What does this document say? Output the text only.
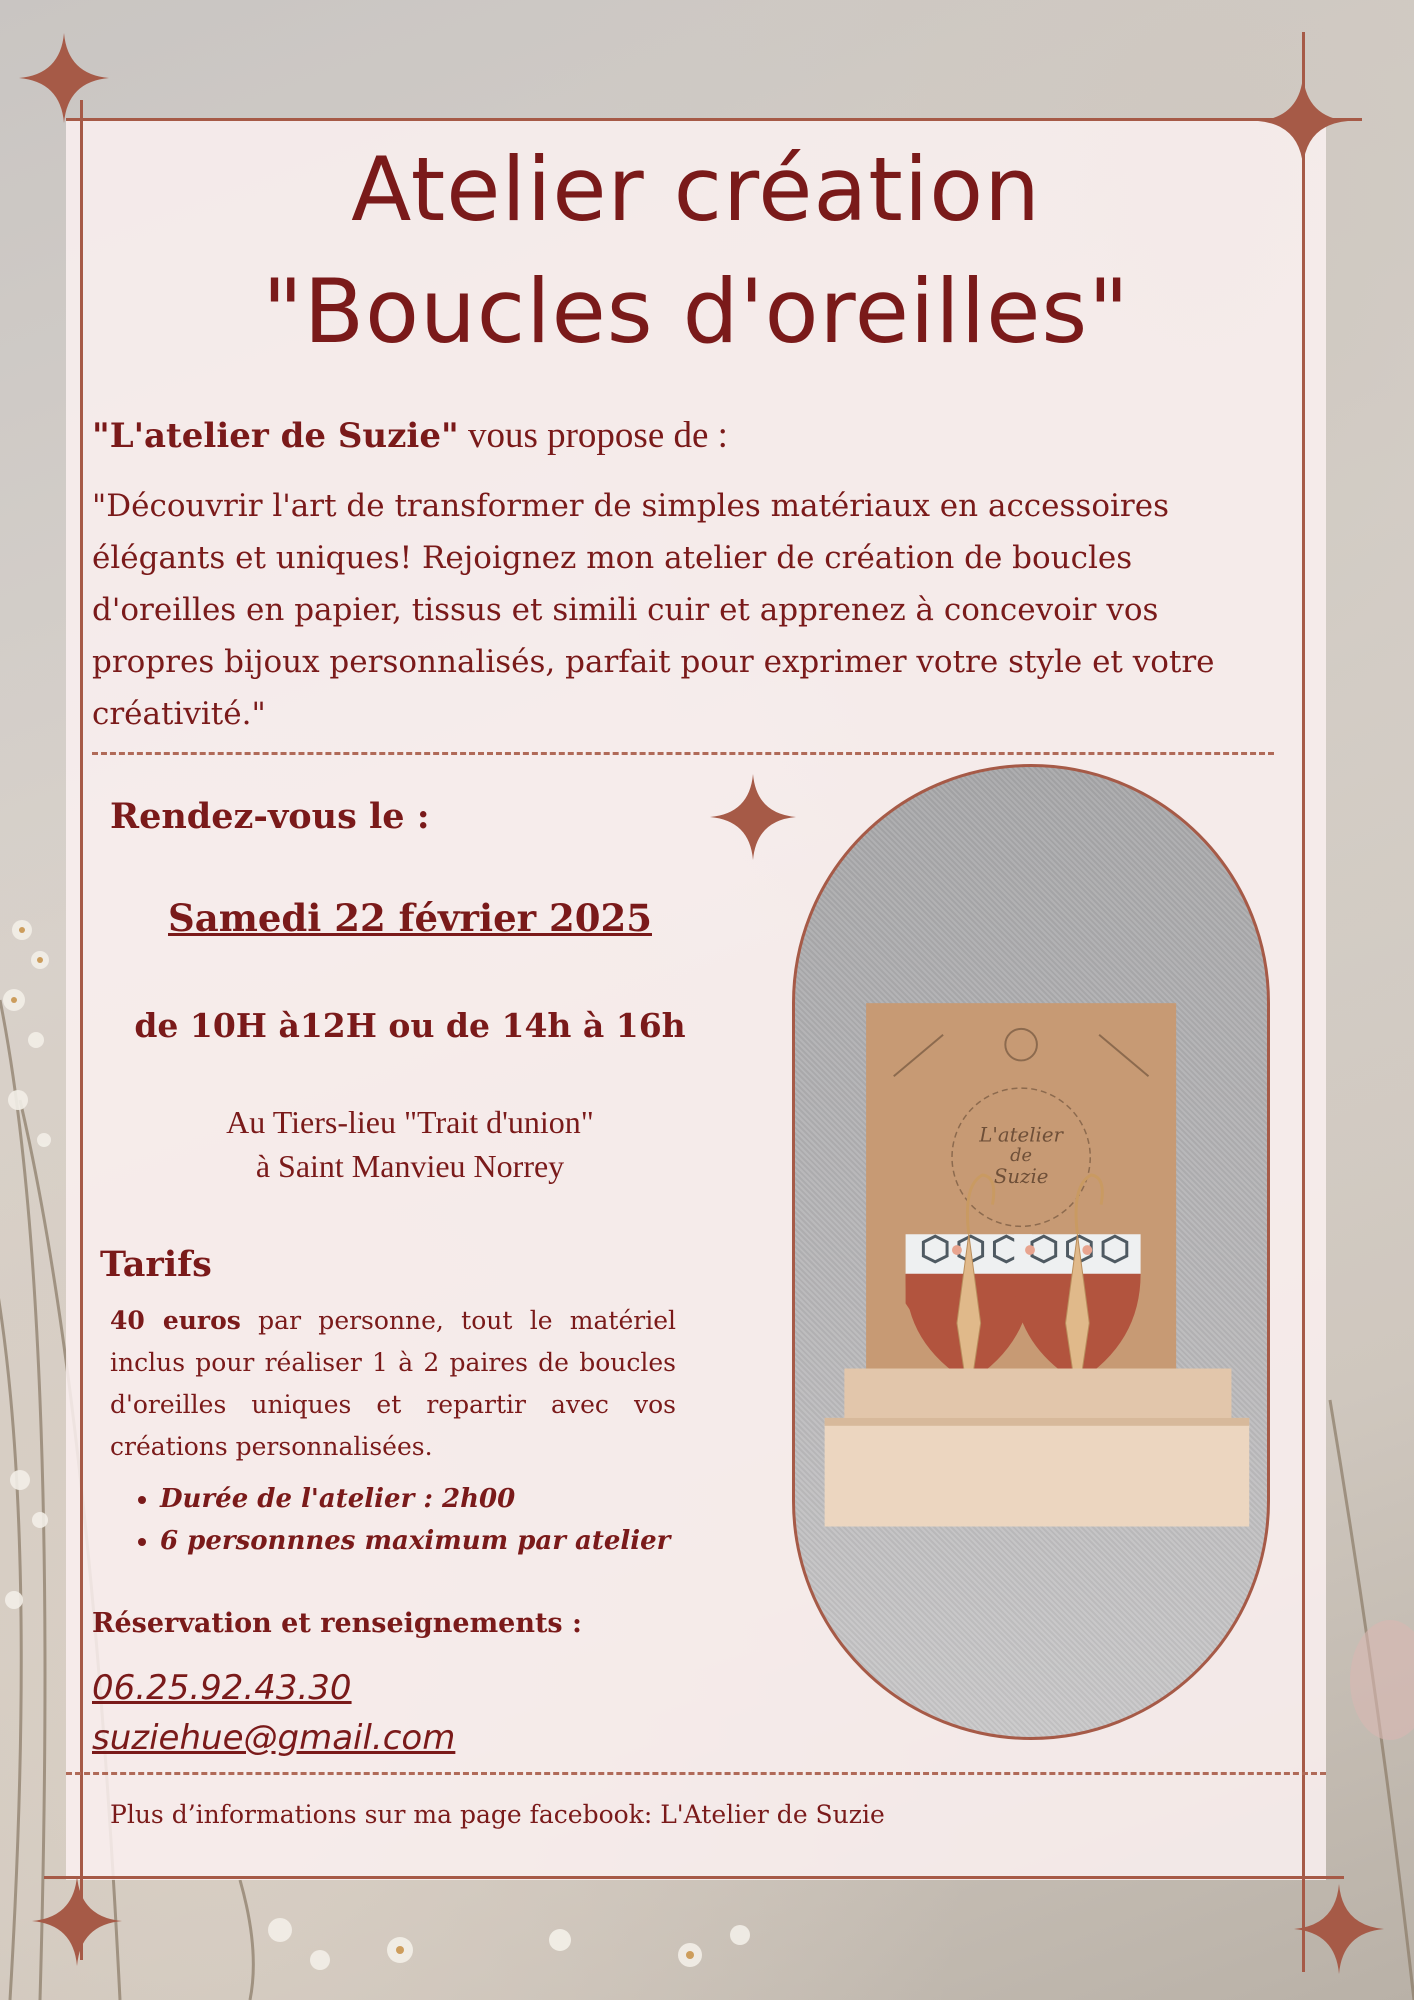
Atelier création
"Boucles d'oreilles"
"L'atelier de Suzie" vous propose de :
"Découvrir l'art de transformer de simples matériaux en accessoires élégants et uniques! Rejoignez mon atelier de création de boucles d'oreilles en papier, tissus et simili cuir et apprenez à concevoir vos propres bijoux personnalisés, parfait pour exprimer votre style et votre créativité."
Rendez-vous le :
Samedi 22 février 2025
de 10H à12H ou de 14h à 16h
Au Tiers-lieu "Trait d'union"
à Saint Manvieu Norrey
Tarifs
40 euros par personne, tout le matériel inclus pour réaliser 1 à 2 paires de boucles d'oreilles uniques et repartir avec vos créations personnalisées.
• Durée de l'atelier : 2h00
• 6 personnnes maximum par atelier
Réservation et renseignements :
06.25.92.43.30
suziehue@gmail.com
Plus d’informations sur ma page facebook: L'Atelier de Suzie
L'atelier
de
Suzie
